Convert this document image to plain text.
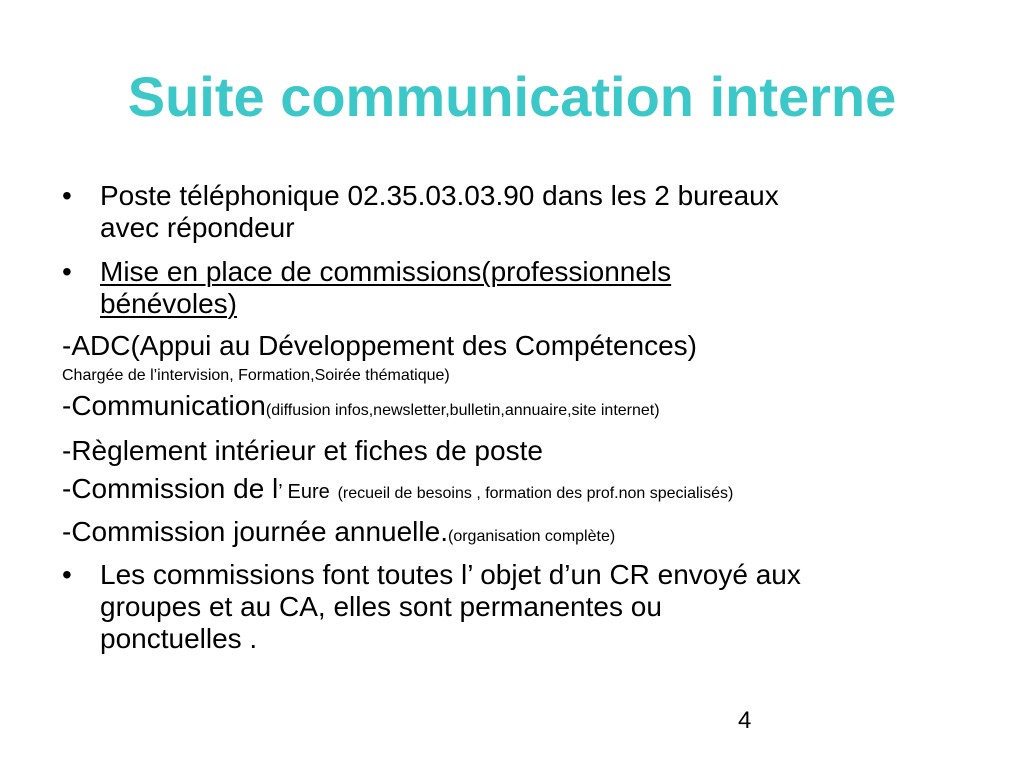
Suite communication interne
•	Poste téléphonique 02.35.03.03.90 dans les 2 bureaux
avec répondeur
•	Mise en place de commissions(professionnels
bénévoles)
-ADC(Appui au Développement des Compétences)
Chargée de l’intervision, Formation,Soirée thématique)
-Communication(diffusion infos,newsletter,bulletin,annuaire,site internet)
-Règlement intérieur et fiches de poste
-Commission de l’ Eure (recueil de besoins , formation des prof.non specialisés)
-Commission journée annuelle.(organisation complète)
•	Les commissions font toutes l’ objet d’un CR envoyé aux
groupes et au CA, elles sont permanentes ou
ponctuelles .
4
